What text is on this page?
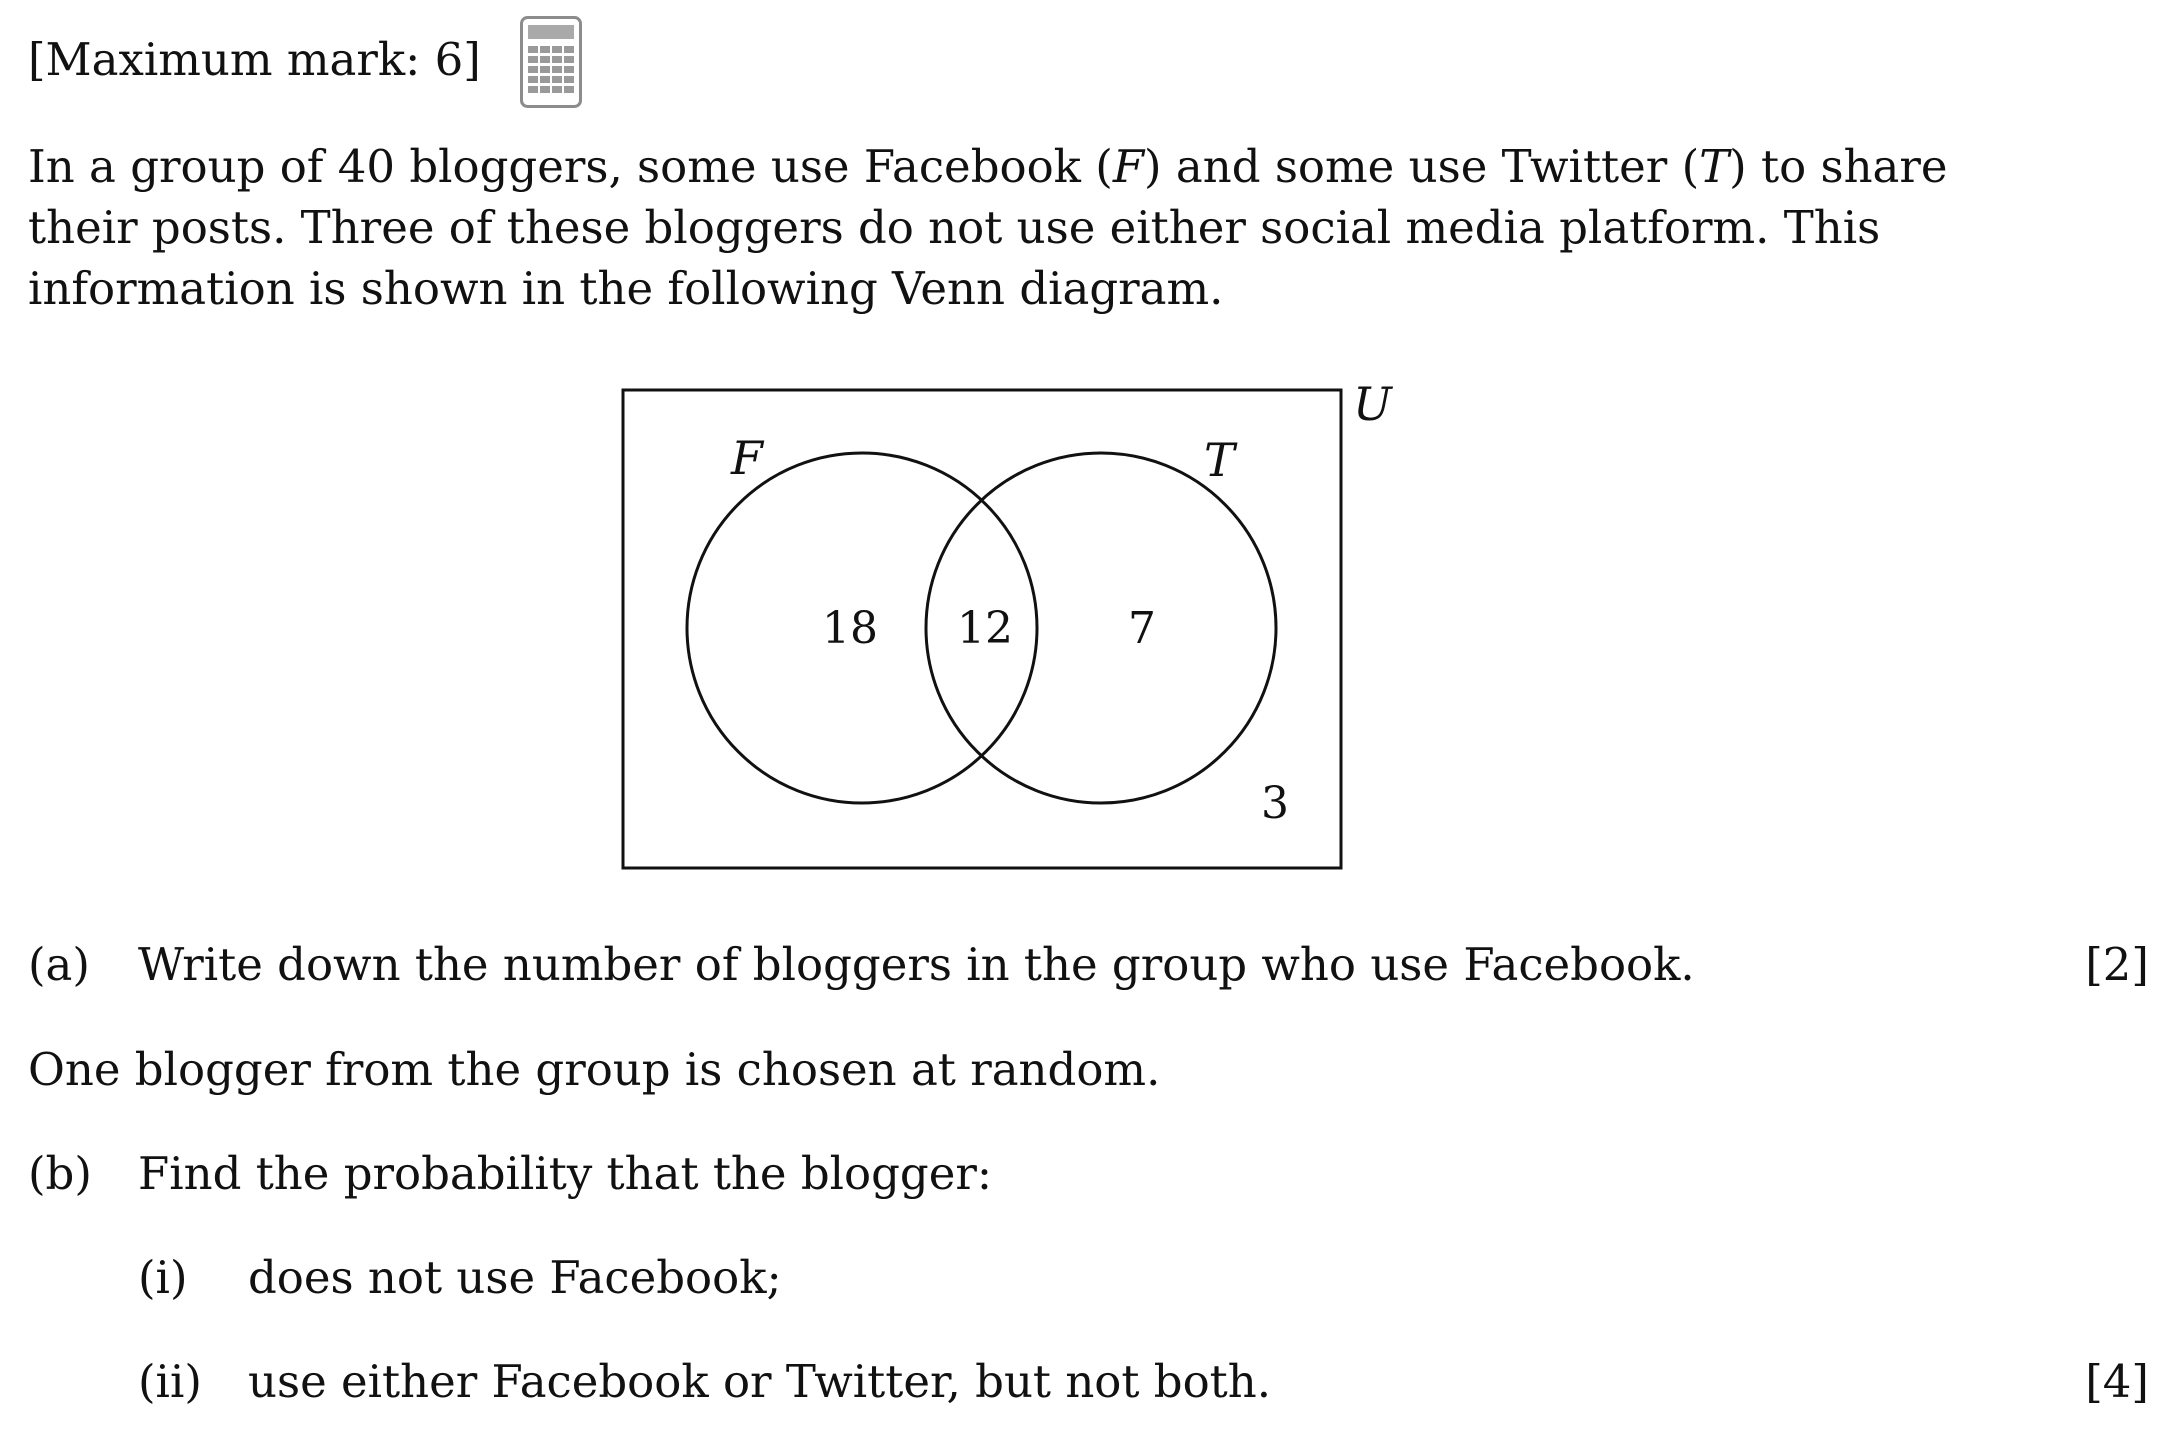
[Maximum mark: 6]
In a group of 40 bloggers, some use Facebook (F) and some use Twitter (T) to share their posts. Three of these bloggers do not use either social media platform. This information is shown in the following Venn diagram.
U
F	T
18 12	7
3
(a) Write down the number of bloggers in the group who use Facebook.	[2]
One blogger from the group is chosen at random.
(b) Find the probability that the blogger:
(i) does not use Facebook;
(ii) use either Facebook or Twitter, but not both.	[4]
